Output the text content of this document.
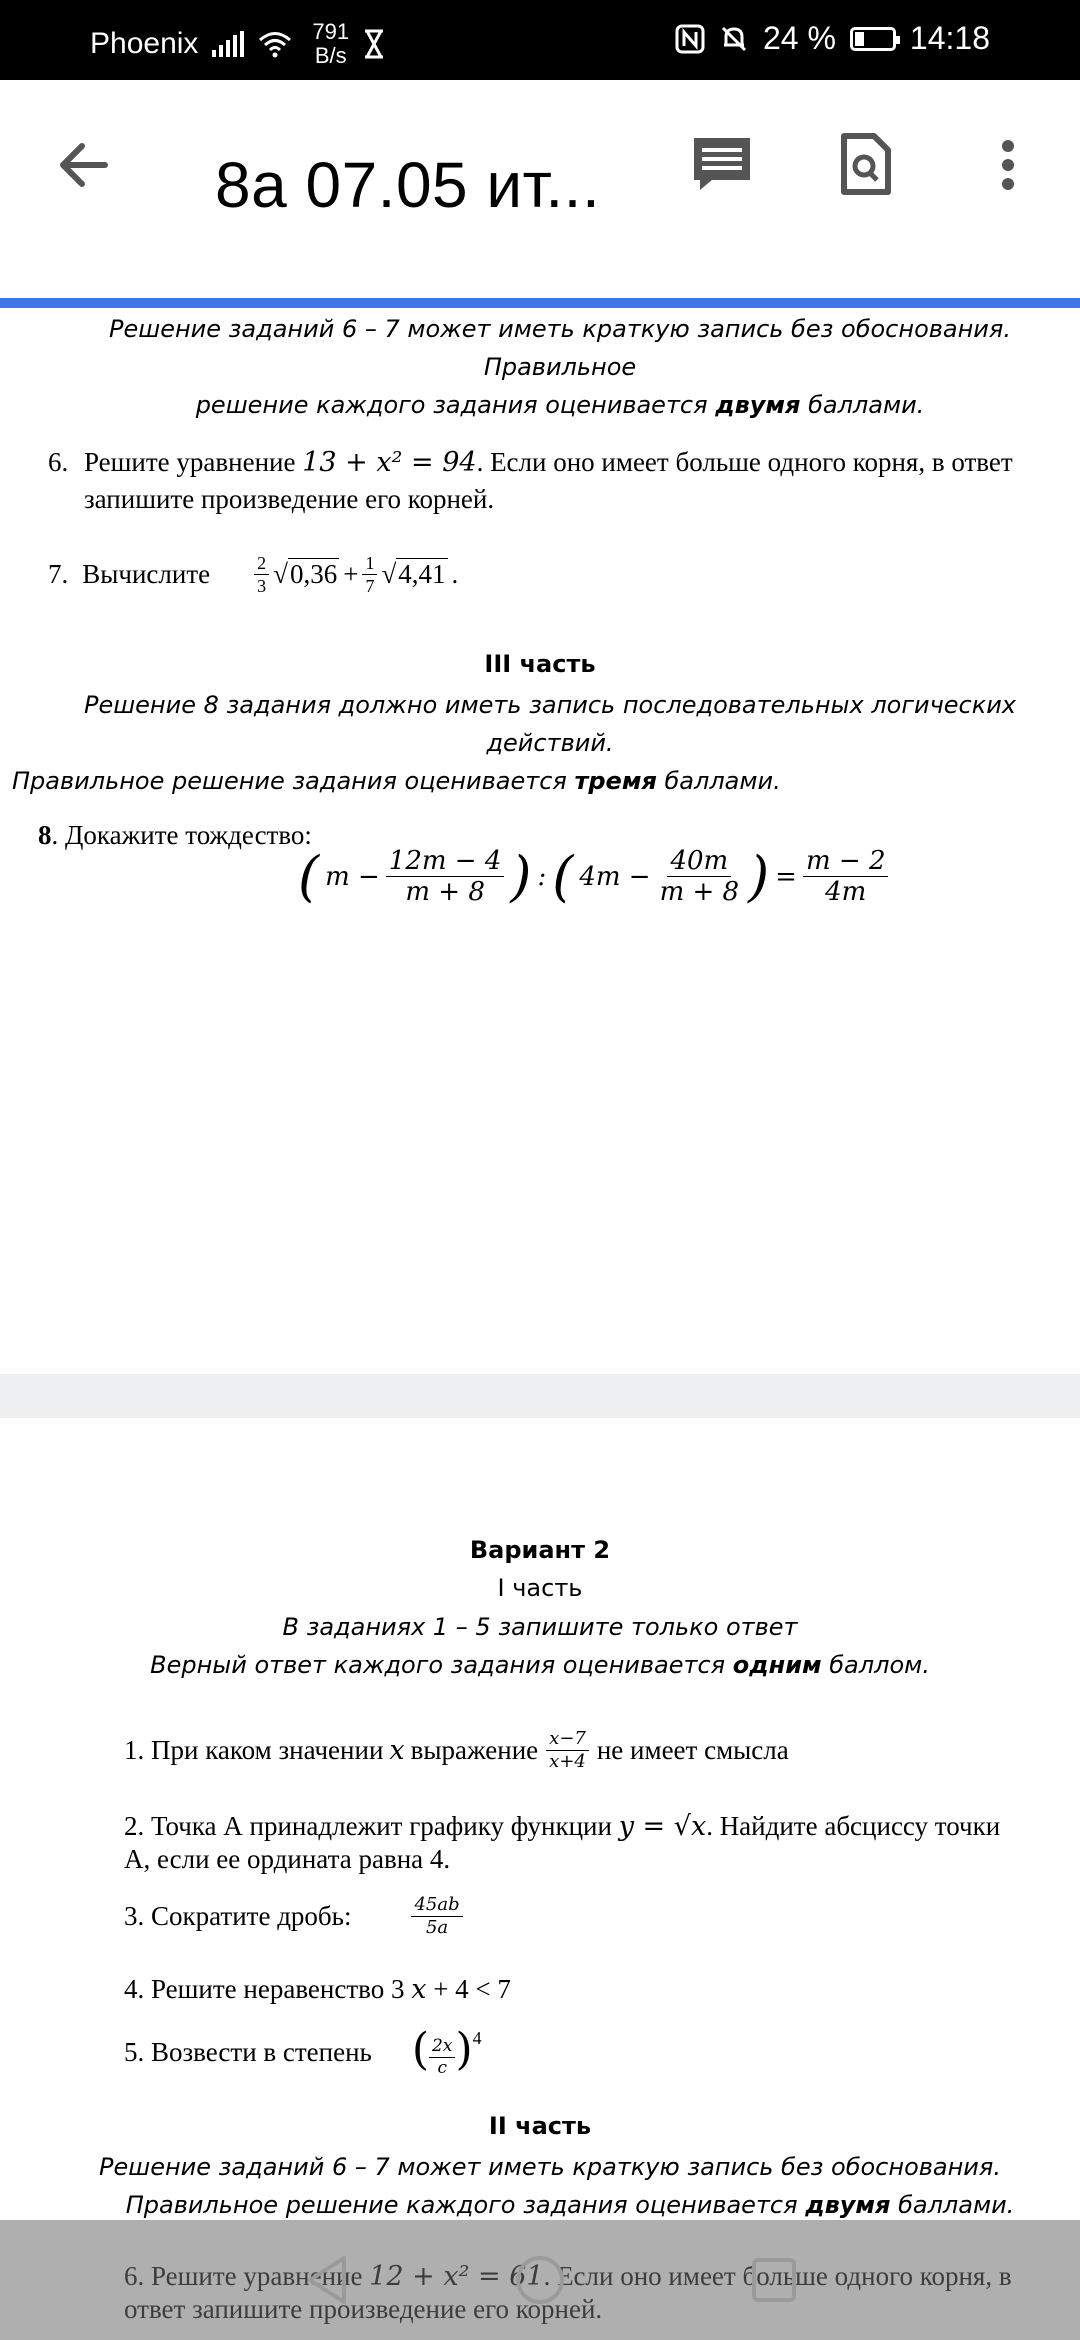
Phoenix	791
B/s	24 % 14:18
8а 07.05 ит...
Решение заданий 6 – 7 может иметь краткую запись без обоснования. Правильное
решение каждого задания оценивается двумя баллами.
6. Решите уравнение 13 + x² = 94. Если оно имеет больше одного корня, в ответ
запишите произведение его корней.
7. Вычислите $\frac{2}{3} √0,36 + \frac{1}{7} √4,41$ .
III часть
Решение 8 задания должно иметь запись последовательных логических действий.
Правильное решение задания оценивается тремя баллами.
8. Докажите тождество:
( $m - \frac{12m - 4}{m + 8}$ ) : ( $4m - \frac{40m}{m + 8}$ ) = $\frac{m - 2}{4m}$
Вариант 2
I часть
В заданиях 1 – 5 запишите только ответ
Верный ответ каждого задания оценивается одним баллом.
1. При каком значении x выражение $\frac{x-7}{x+4}$ не имеет смысла
2. Точка А принадлежит графику функции y = √x. Найдите абсциссу точки
А, если ее ордината равна 4.
3. Сократите дробь:	$\frac{45ab}{5a}$
4. Решите неравенство 3 x + 4 < 7
5. Возвести в степень ( $\frac{2x}{c}$ ) 4
II часть
Решение заданий 6 – 7 может иметь краткую запись без обоснования.
Правильное решение каждого задания оценивается двумя баллами.
